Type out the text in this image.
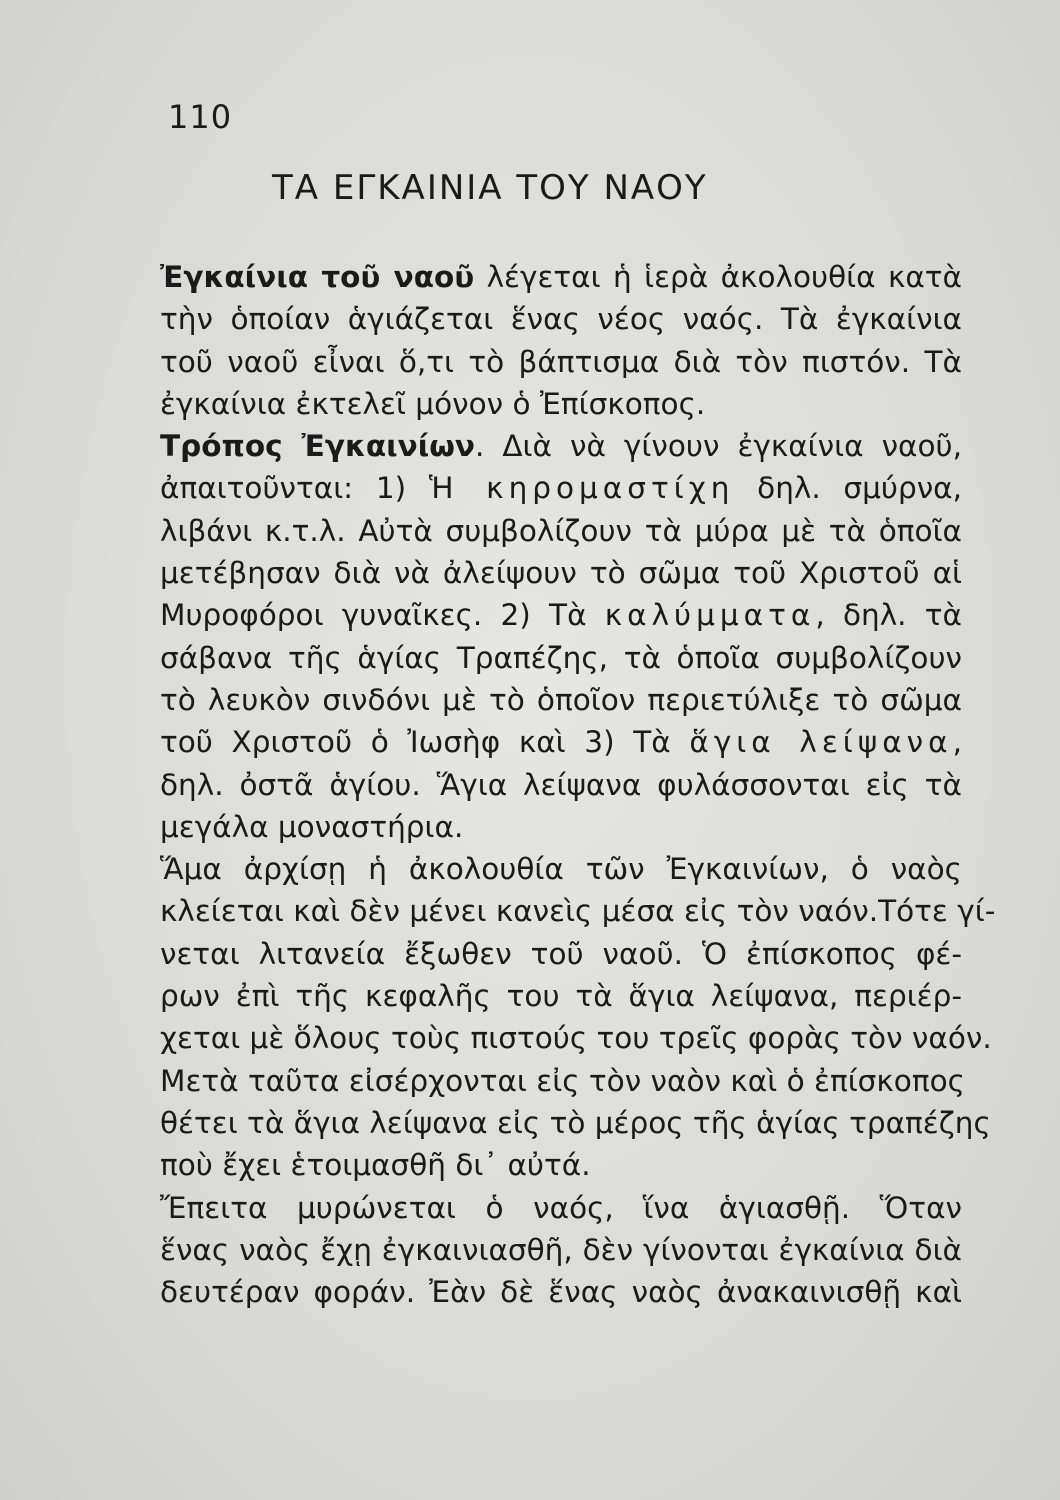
110
ΤΑ ΕΓΚΑΙΝΙΑ ΤΟΥ ΝΑΟΥ
Ἐγκαίνια τοῦ ναοῦ λέγεται ἡ ἱερὰ ἀκολουθία κατὰ
τὴν ὁποίαν ἁγιάζεται ἕνας νέος ναός. Τὰ ἐγκαίνια
τοῦ ναοῦ εἶναι ὅ,τι τὸ βάπτισμα διὰ τὸν πιστόν. Τὰ
ἐγκαίνια ἐκτελεῖ μόνον ὁ Ἐπίσκοπος.
Τρόπος Ἐγκαινίων. Διὰ νὰ γίνουν ἐγκαίνια ναοῦ,
ἀπαιτοῦνται: 1) Ἡ κηρομαστίχη δηλ. σμύρνα,
λιβάνι κ.τ.λ. Αὐτὰ συμβολίζουν τὰ μύρα μὲ τὰ ὁποῖα
μετέβησαν διὰ νὰ ἀλείψουν τὸ σῶμα τοῦ Χριστοῦ αἱ
Μυροφόροι γυναῖκες. 2) Τὰ καλύμματα, δηλ. τὰ
σάβανα τῆς ἁγίας Τραπέζης, τὰ ὁποῖα συμβολίζουν
τὸ λευκὸν σινδόνι μὲ τὸ ὁποῖον περιετύλιξε τὸ σῶμα
τοῦ Χριστοῦ ὁ Ἰωσὴφ καὶ 3) Τὰ ἅγια λείψανα,
δηλ. ὀστᾶ ἁγίου. Ἅγια λείψανα φυλάσσονται εἰς τὰ
μεγάλα μοναστήρια.
Ἅμα ἀρχίσῃ ἡ ἀκολουθία τῶν Ἐγκαινίων, ὁ ναὸς
κλείεται καὶ δὲν μένει κανεὶς μέσα εἰς τὸν ναόν.Τότε γί-
νεται λιτανεία ἔξωθεν τοῦ ναοῦ. Ὁ ἐπίσκοπος φέ-
ρων ἐπὶ τῆς κεφαλῆς του τὰ ἅγια λείψανα, περιέρ-
χεται μὲ ὅλους τοὺς πιστούς του τρεῖς φορὰς τὸν ναόν.
Μετὰ ταῦτα εἰσέρχονται εἰς τὸν ναὸν καὶ ὁ ἐπίσκοπος
θέτει τὰ ἅγια λείψανα εἰς τὸ μέρος τῆς ἁγίας τραπέζης
ποὺ ἔχει ἑτοιμασθῆ δι᾿ αὐτά.
Ἔπειτα μυρώνεται ὁ ναός, ἵνα ἁγιασθῇ. Ὅταν
ἕνας ναὸς ἔχῃ ἐγκαινιασθῆ, δὲν γίνονται ἐγκαίνια διὰ
δευτέραν φοράν. Ἐὰν δὲ ἕνας ναὸς ἀνακαινισθῇ καὶ
